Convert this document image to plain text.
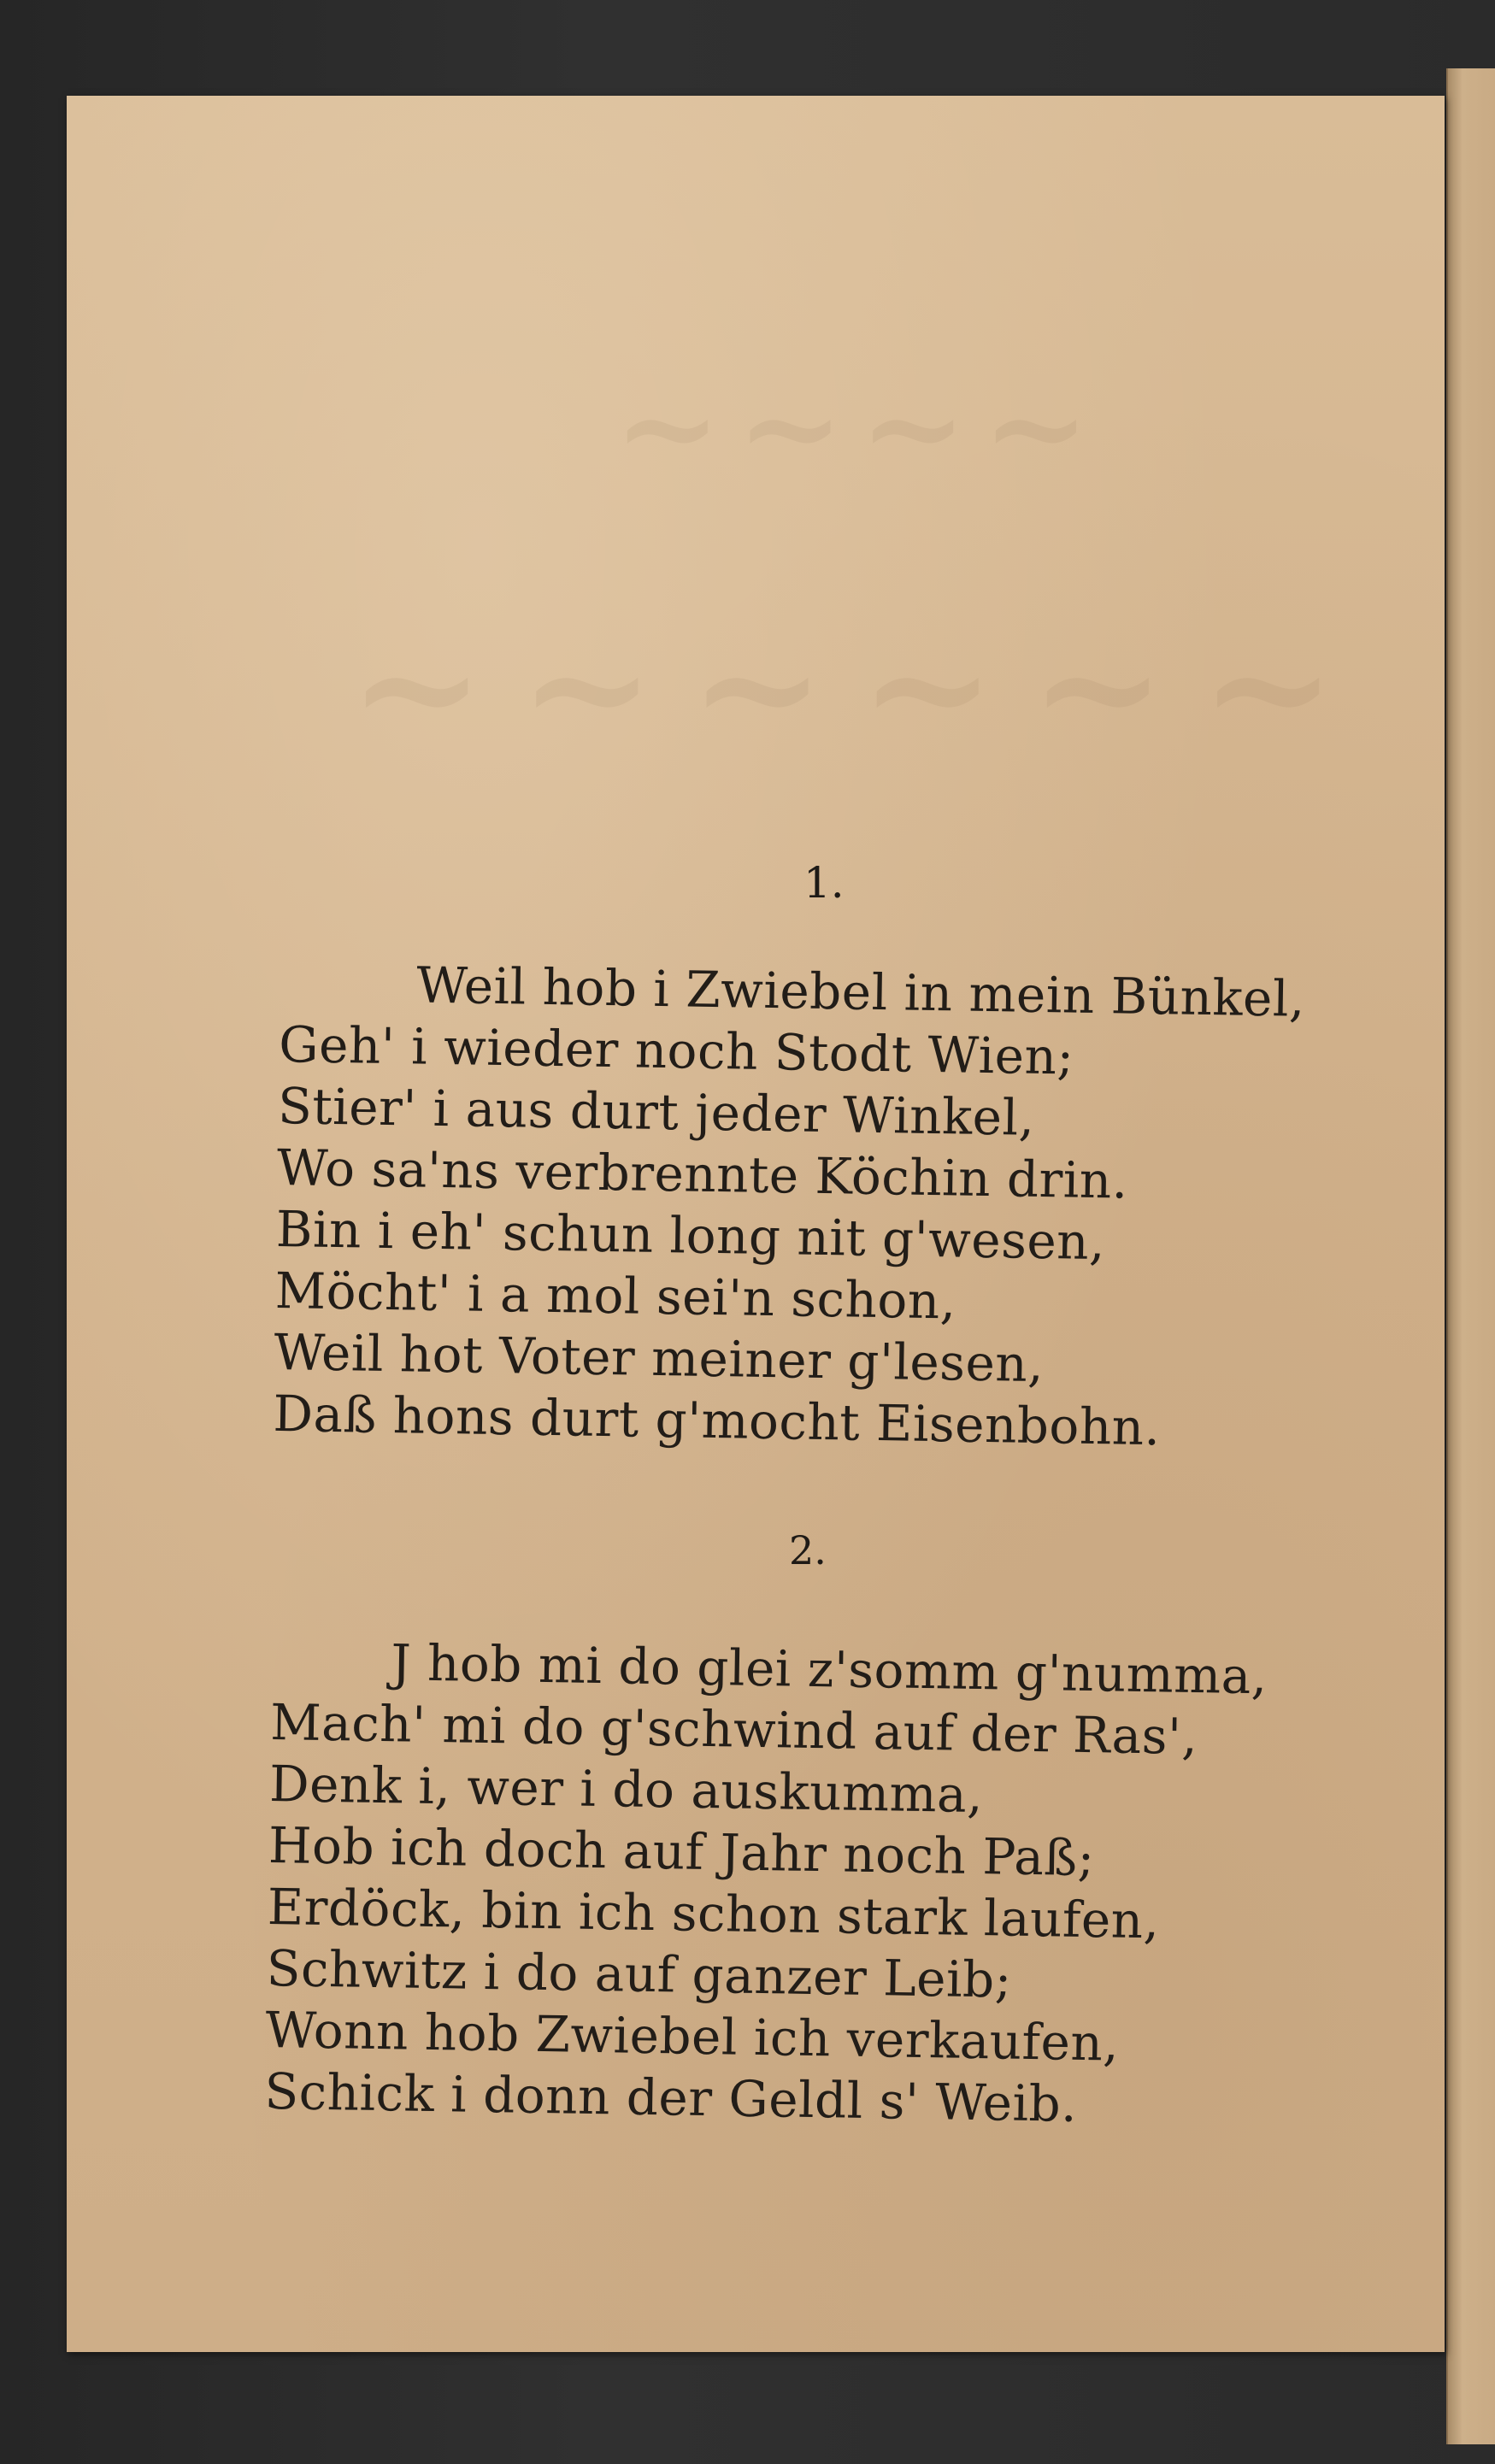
~~~~
~~~~~~
1.
Weil hob i Zwiebel in mein Bünkel,
Geh' i wieder noch Stodt Wien;
Stier' i aus durt jeder Winkel,
Wo sa'ns verbrennte Köchin drin.
Bin i eh' schun long nit g'wesen,
Möcht' i a mol sei'n schon,
Weil hot Voter meiner g'lesen,
Daß hons durt g'mocht Eisenbohn.
2.
J hob mi do glei z'somm g'numma,
Mach' mi do g'schwind auf der Ras',
Denk i, wer i do auskumma,
Hob ich doch auf Jahr noch Paß;
Erdöck, bin ich schon stark laufen,
Schwitz i do auf ganzer Leib;
Wonn hob Zwiebel ich verkaufen,
Schick i donn der Geldl s' Weib.
